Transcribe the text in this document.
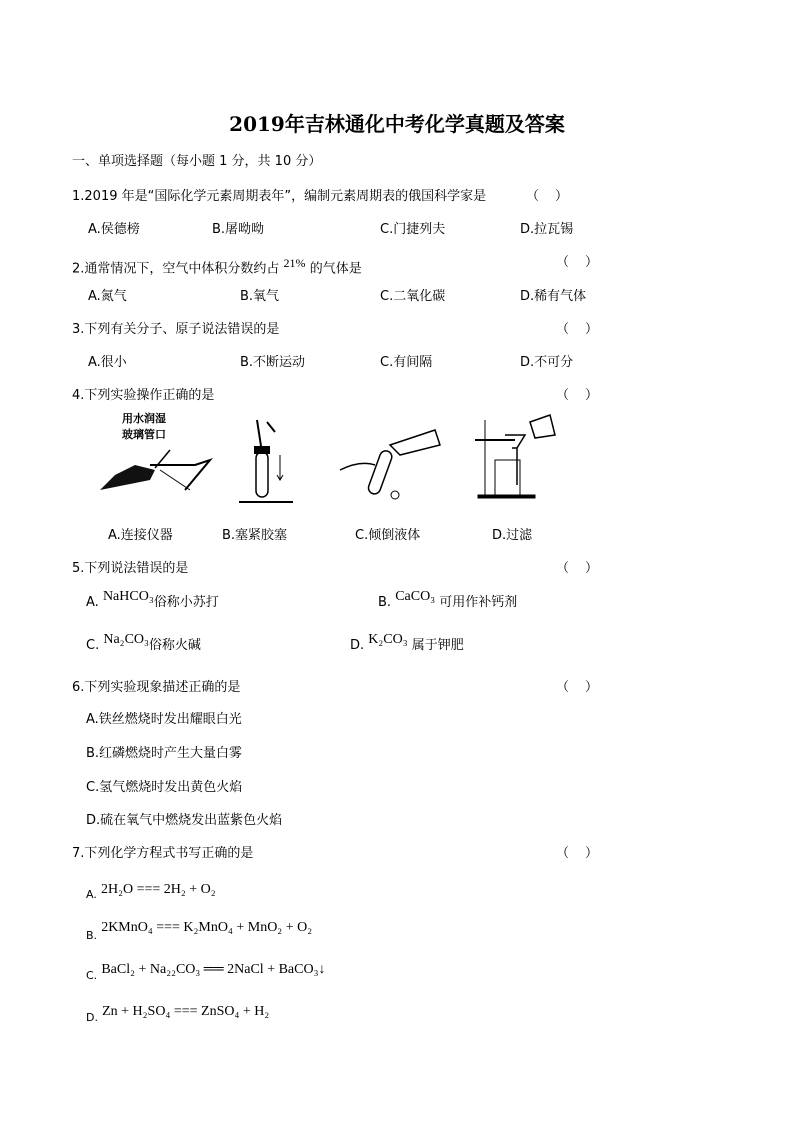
2019年吉林通化中考化学真题及答案
一、单项选择题（每小题 1 分，共 10 分）
1.2019 年是“国际化学元素周期表年”，编制元素周期表的俄国科学家是	（ ）
A.侯德榜	B.屠呦呦	C.门捷列夫	D.拉瓦锡
2.通常情况下，空气中体积分数约占 $^{21\%}$ 的气体是	（ ）
A.氮气	B.氧气	C.二氧化碳	D.稀有气体
3.下列有关分子、原子说法错误的是	（ ）
A.很小	B.不断运动	C.有间隔	D.不可分
4.下列实验操作正确的是	（ ）
用水润湿
玻璃管口
A.连接仪器	B.塞紧胶塞	C.倾倒液体	D.过滤
5.下列说法错误的是	（ ）
A. NaHCO₃俗称小苏打	B. CaCO₃ 可用作补钙剂
C. Na₂CO₃俗称火碱	D. K₂CO₃ 属于钾肥
6.下列实验现象描述正确的是	（ ）
A.铁丝燃烧时发出耀眼白光
B.红磷燃烧时产生大量白雾
C.氢气燃烧时发出黄色火焰
D.硫在氧气中燃烧发出蓝紫色火焰
7.下列化学方程式书写正确的是	（ ）
$_{A.}$ 2H₂O === 2H₂ + O₂
$_{B.}$ 2KMnO₄ === K₂MnO₄ + MnO₂ + O₂
$_{C.}$ BaCl₂ + Na₂₂CO₃ ══ 2NaCl + BaCO₃↓
$_{D.}$ Zn + H₂SO₄ === ZnSO₄ + H₂
